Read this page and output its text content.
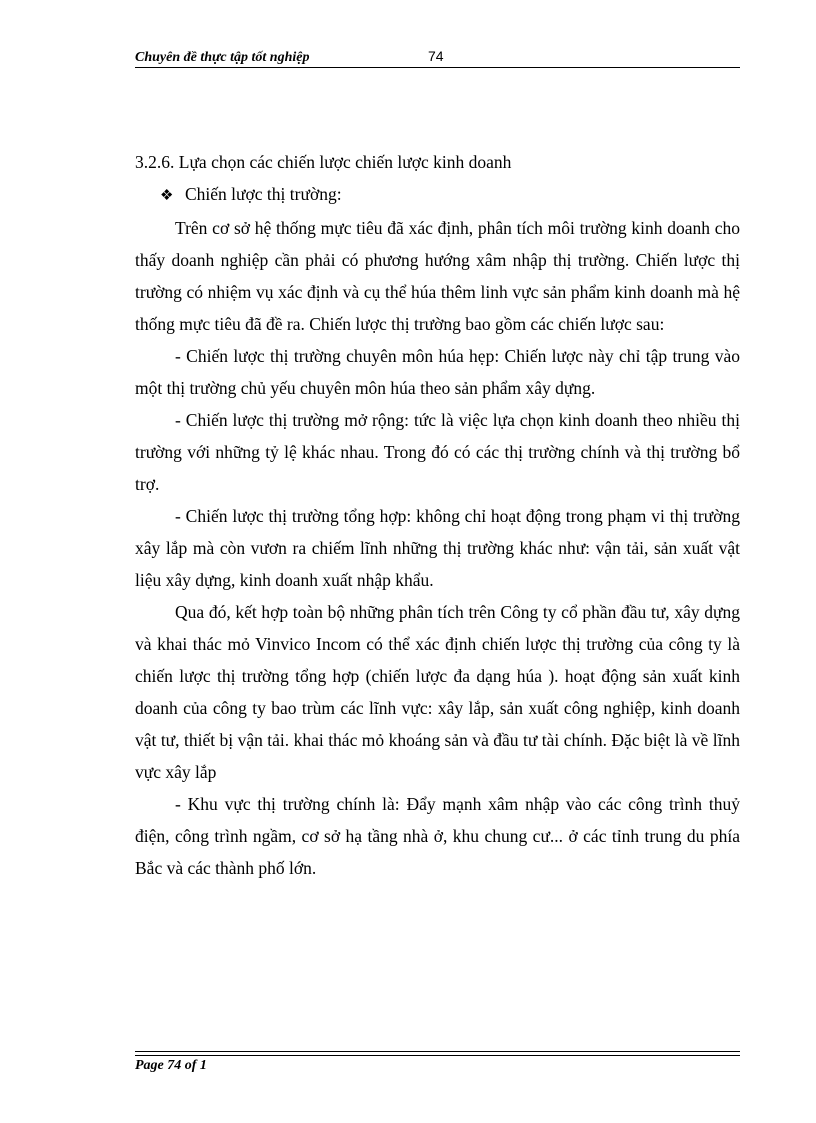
Chuyên đề thực tập tốt nghiệp	74

3.2.6. Lựa chọn các chiến lược chiến lược kinh doanh

❖ Chiến lược thị trường:

Trên cơ sở hệ thống mực tiêu đã xác định, phân tích môi trường kinh doanh cho thấy doanh nghiệp cần phải có phương hướng xâm nhập thị trường. Chiến lược thị trường có nhiệm vụ xác định và cụ thể húa thêm linh vực sản phẩm kinh doanh mà hệ thống mực tiêu đã đề ra. Chiến lược thị trường bao gồm các chiến lược sau:

- Chiến lược thị trường chuyên môn húa hẹp: Chiến lược này chỉ tập trung vào một thị trường chủ yếu chuyên môn húa theo sản phẩm xây dựng.

- Chiến lược thị trường mở rộng: tức là việc lựa chọn kinh doanh theo nhiều thị trường với những tỷ lệ khác nhau. Trong đó có các thị trường chính và thị trường bổ trợ.

- Chiến lược thị trường tổng hợp: không chỉ hoạt động trong phạm vi thị trường xây lắp mà còn vươn ra chiếm lĩnh những thị trường khác như: vận tải, sản xuất vật liệu xây dựng, kinh doanh xuất nhập khẩu.

Qua đó, kết hợp toàn bộ những phân tích trên Công ty cổ phần đầu tư, xây dựng và khai thác mỏ Vinvico Incom có thể xác định chiến lược thị trường của công ty là chiến lược thị trường tổng hợp (chiến lược đa dạng húa ). hoạt động sản xuất kinh doanh của công ty bao trùm các lĩnh vực: xây lắp, sản xuất công nghiệp, kinh doanh vật tư, thiết bị vận tải. khai thác mỏ khoáng sản và đầu tư tài chính. Đặc biệt là về lĩnh vực xây lắp

- Khu vực thị trường chính là: Đẩy mạnh xâm nhập vào các công trình thuỷ điện, công trình ngầm, cơ sở hạ tầng nhà ở, khu chung cư... ở các tỉnh trung du phía Bắc và các thành phố lớn.

Page 74 of 1
